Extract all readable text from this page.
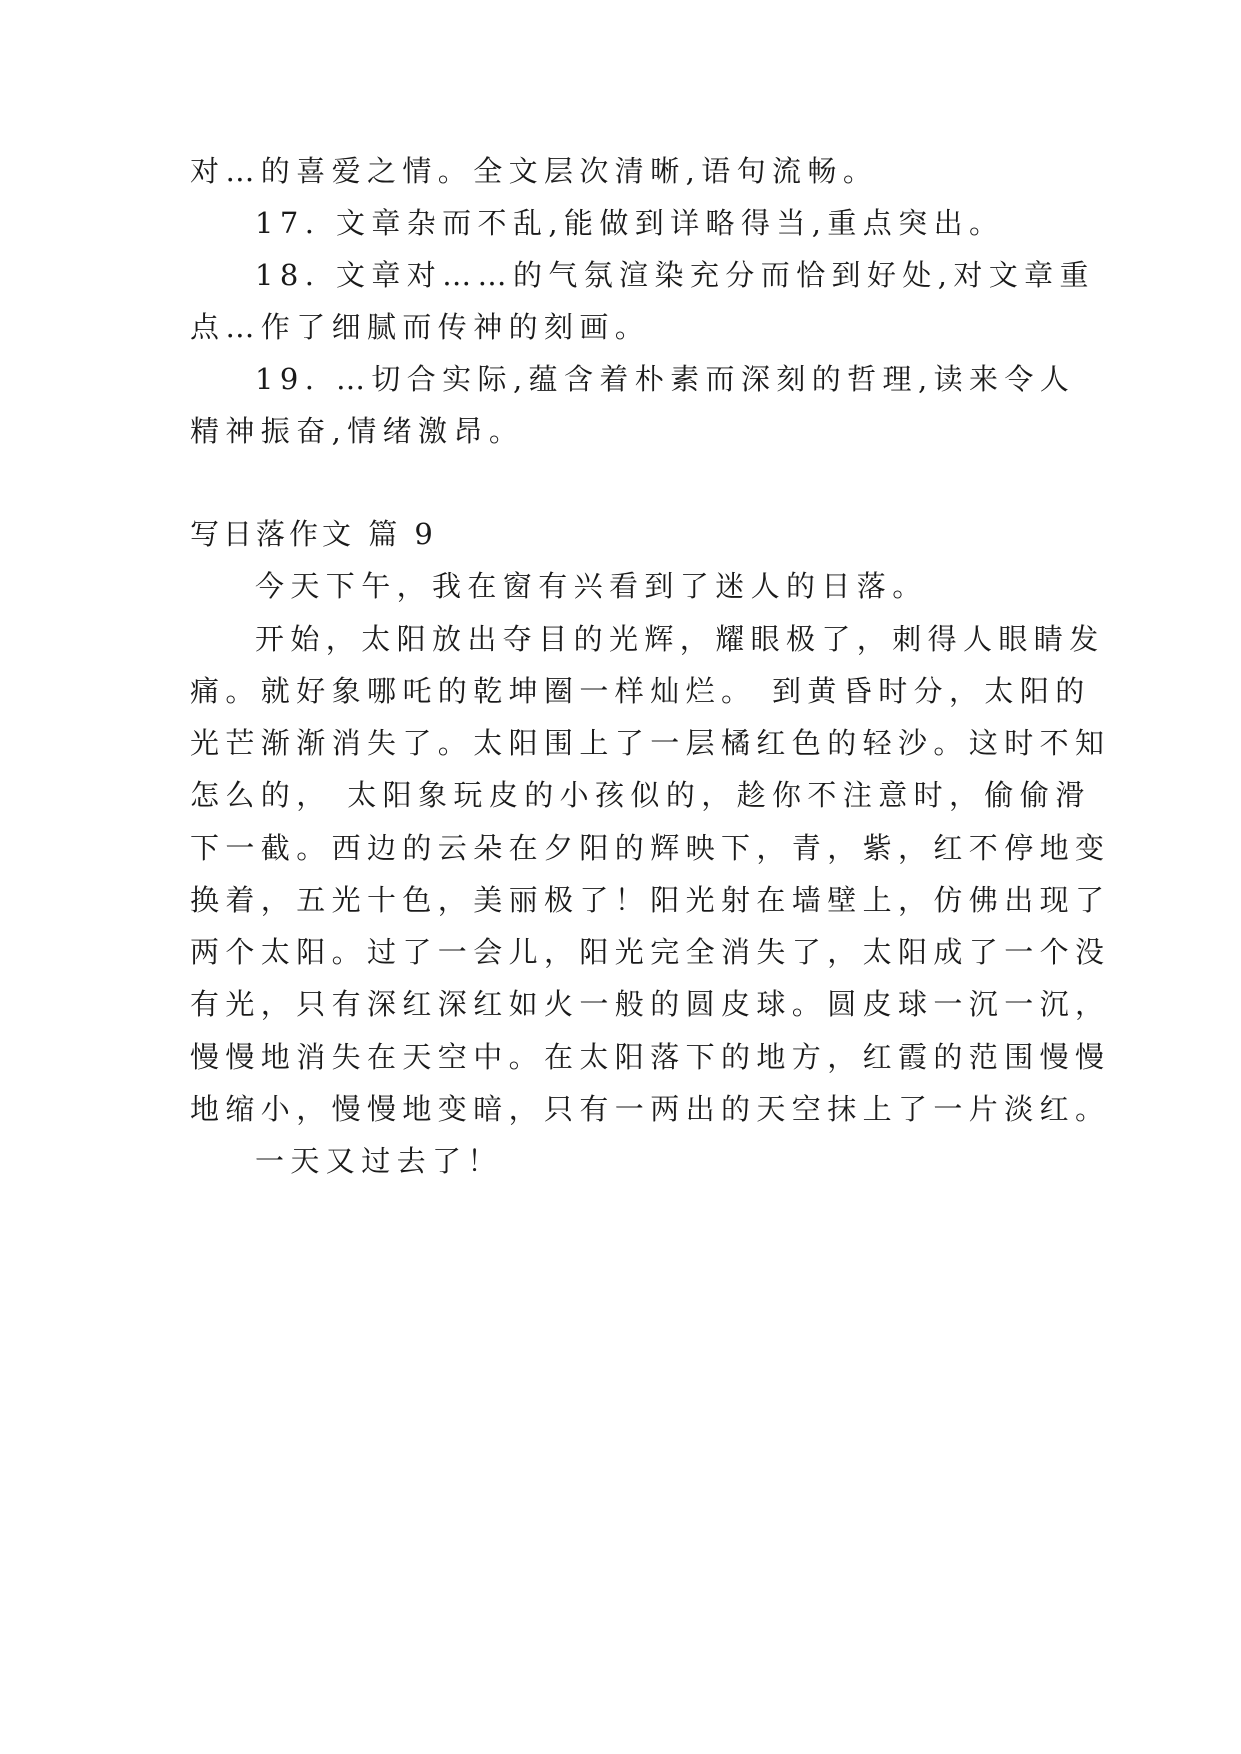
对…的喜爱之情。全文层次清晰,语句流畅。
17. 文章杂而不乱,能做到详略得当,重点突出。
18. 文章对……的气氛渲染充分而恰到好处,对文章重
点…作了细腻而传神的刻画。
19. …切合实际,蕴含着朴素而深刻的哲理,读来令人
精神振奋,情绪激昂。
写日落作文 篇 9
今天下午，我在窗有兴看到了迷人的日落。
开始，太阳放出夺目的光辉，耀眼极了，刺得人眼睛发
痛。就好象哪吒的乾坤圈一样灿烂。 到黄昏时分，太阳的
光芒渐渐消失了。太阳围上了一层橘红色的轻沙。这时不知
怎么的， 太阳象玩皮的小孩似的，趁你不注意时，偷偷滑
下一截。西边的云朵在夕阳的辉映下，青，紫，红不停地变
换着，五光十色，美丽极了！阳光射在墙壁上，仿佛出现了
两个太阳。过了一会儿，阳光完全消失了，太阳成了一个没
有光，只有深红深红如火一般的圆皮球。圆皮球一沉一沉，
慢慢地消失在天空中。在太阳落下的地方，红霞的范围慢慢
地缩小，慢慢地变暗，只有一两出的天空抹上了一片淡红。
一天又过去了！
